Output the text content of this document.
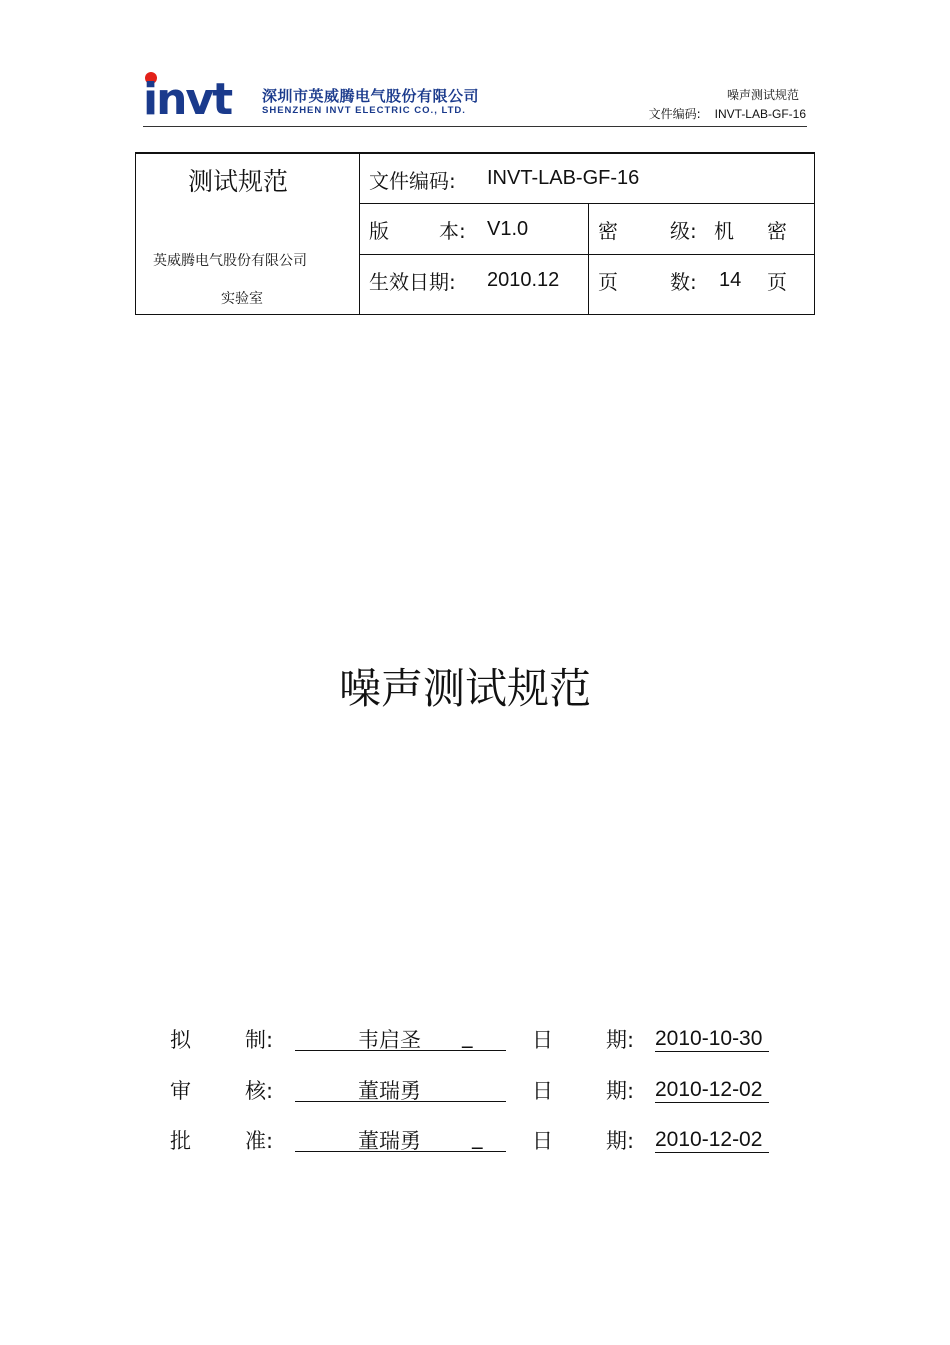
invt 深圳市英威腾电气股份有限公司
SHENZHEN INVT ELECTRIC CO., LTD.
噪声测试规范
文件编码: INVT-LAB-GF-16
测试规范
英威腾电气股份有限公司
实验室
文件编码: INVT-LAB-GF-16
版	本: V1.0	密	级: 机 密
生效日期: 2010.12 页	数: 14 页
噪声测试规范
拟	制:	韦启圣 _	日	期: 2010-10-30
审	核:	董瑞勇	日	期: 2010-12-02
批	准:	董瑞勇 _ 日	期: 2010-12-02
